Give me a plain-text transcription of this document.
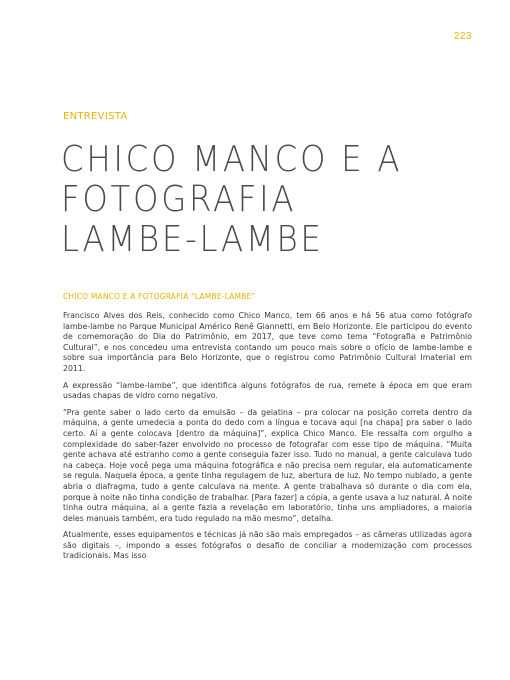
223
ENTREVISTA
CHICO MANCO E A
FOTOGRAFIA LAMBE-LAMBE

CHICO MANCO E A FOTOGRAFIA “LAMBE-LAMBE”

Francisco Alves dos Reis, conhecido como Chico Manco, tem 66 anos e há 56 atua como fotógrafo lambe-lambe no Parque Municipal Américo Renê Giannetti, em Belo Horizonte. Ele participou do evento de comemoração do Dia do Patrimônio, em 2017, que teve como tema “Fotografia e Patrimônio Cultural”, e nos concedeu uma entrevista contando um pouco mais sobre o ofício de lambe-lambe e sobre sua importância para Belo Horizonte, que o registrou como Patrimônio Cultural Imaterial em 2011.

A expressão “lambe-lambe”, que identifica alguns fotógrafos de rua, remete à época em que eram usadas chapas de vidro como negativo.

“Pra gente saber o lado certo da emulsão – da gelatina – pra colocar na posição correta dentro da máquina, a gente umedecia a ponta do dedo com a língua e tocava aqui [na chapa] pra saber o lado certo. Aí a gente colocava [dentro da máquina]”, explica Chico Manco. Ele ressalta com orgulho a complexidade do saber-fazer envolvido no processo de fotografar com esse tipo de máquina. “Muita gente achava até estranho como a gente conseguia fazer isso. Tudo no manual, a gente calculava tudo na cabeça. Hoje você pega uma máquina fotográfica e não precisa nem regular, ela automaticamente se regula. Naquela época, a gente tinha regulagem de luz, abertura de luz. No tempo nublado, a gente abria o diafragma, tudo a gente calculava na mente. A gente trabalhava só durante o dia com ela, porque à noite não tinha condição de trabalhar. [Para fazer] a cópia, a gente usava a luz natural. À noite tinha outra máquina, aí a gente fazia a revelação em laboratório, tinha uns ampliadores, a maioria deles manuais também, era tudo regulado na mão mesmo”, detalha.

Atualmente, esses equipamentos e técnicas já não são mais empregados – as câmeras utilizadas agora são digitais –, impondo a esses fotógrafos o desafio de conciliar a modernização com processos tradicionais. Mas isso
